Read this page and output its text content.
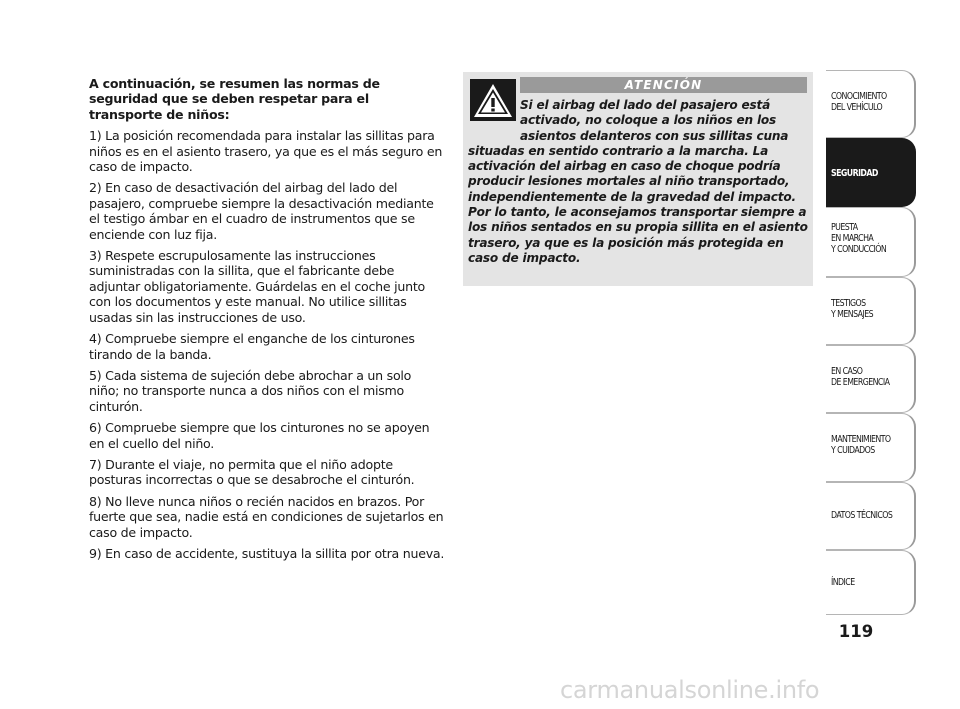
A continuación, se resumen las normas de seguridad que se deben respetar para el transporte de niños:

1) La posición recomendada para instalar las sillitas para niños es en el asiento trasero, ya que es el más seguro en caso de impacto.

2) En caso de desactivación del airbag del lado del pasajero, compruebe siempre la desactivación mediante el testigo ámbar en el cuadro de instrumentos que se enciende con luz fija.

3) Respete escrupulosamente las instrucciones suministradas con la sillita, que el fabricante debe adjuntar obligatoriamente. Guárdelas en el coche junto con los documentos y este manual. No utilice sillitas usadas sin las instrucciones de uso.

4) Compruebe siempre el enganche de los cinturones tirando de la banda.

5) Cada sistema de sujeción debe abrochar a un solo niño; no transporte nunca a dos niños con el mismo cinturón.

6) Compruebe siempre que los cinturones no se apoyen en el cuello del niño.

7) Durante el viaje, no permita que el niño adopte posturas incorrectas o que se desabroche el cinturón.

8) No lleve nunca niños o recién nacidos en brazos. Por fuerte que sea, nadie está en condiciones de sujetarlos en caso de impacto.

9) En caso de accidente, sustituya la sillita por otra nueva.

ATENCIÓN
Si el airbag del lado del pasajero está activado, no coloque a los niños en los asientos delanteros con sus sillitas cuna situadas en sentido contrario a la marcha. La activación del airbag en caso de choque podría producir lesiones mortales al niño transportado, independientemente de la gravedad del impacto. Por lo tanto, le aconsejamos transportar siempre a los niños sentados en su propia sillita en el asiento trasero, ya que es la posición más protegida en caso de impacto.
CONOCIMIENTO
DEL VEHÍCULO
SEGURIDAD
PUESTA
EN MARCHA
Y CONDUCCIÓN
TESTIGOS
Y MENSAJES
EN CASO
DE EMERGENCIA
MANTENIMIENTO
Y CUIDADOS
DATOS TÉCNICOS
ÍNDICE
119
carmanualsonline.info
